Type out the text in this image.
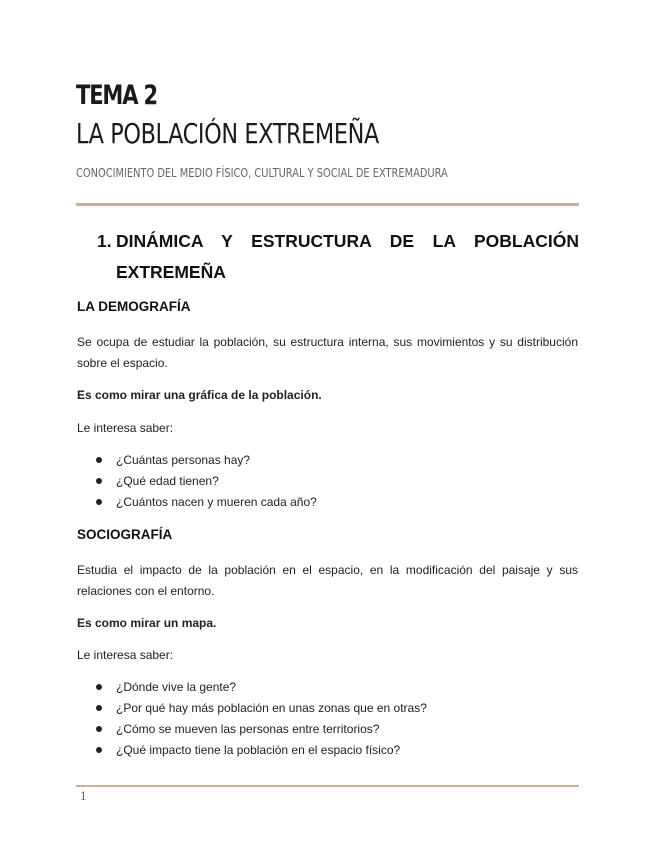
TEMA 2
LA POBLACIÓN EXTREMEÑA
CONOCIMIENTO DEL MEDIO FÍSICO, CULTURAL Y SOCIAL DE EXTREMADURA
1. DINÁMICA Y ESTRUCTURA DE LA POBLACIÓN EXTREMEÑA
LA DEMOGRAFÍA
Se ocupa de estudiar la población, su estructura interna, sus movimientos y su distribución sobre el espacio.
Es como mirar una gráfica de la población.
Le interesa saber:
¿Cuántas personas hay?
¿Qué edad tienen?
¿Cuántos nacen y mueren cada año?
SOCIOGRAFÍA
Estudia el impacto de la población en el espacio, en la modificación del paisaje y sus relaciones con el entorno.
Es como mirar un mapa.
Le interesa saber:
¿Dónde vive la gente?
¿Por qué hay más población en unas zonas que en otras?
¿Cómo se mueven las personas entre territorios?
¿Qué impacto tiene la población en el espacio físico?
1
